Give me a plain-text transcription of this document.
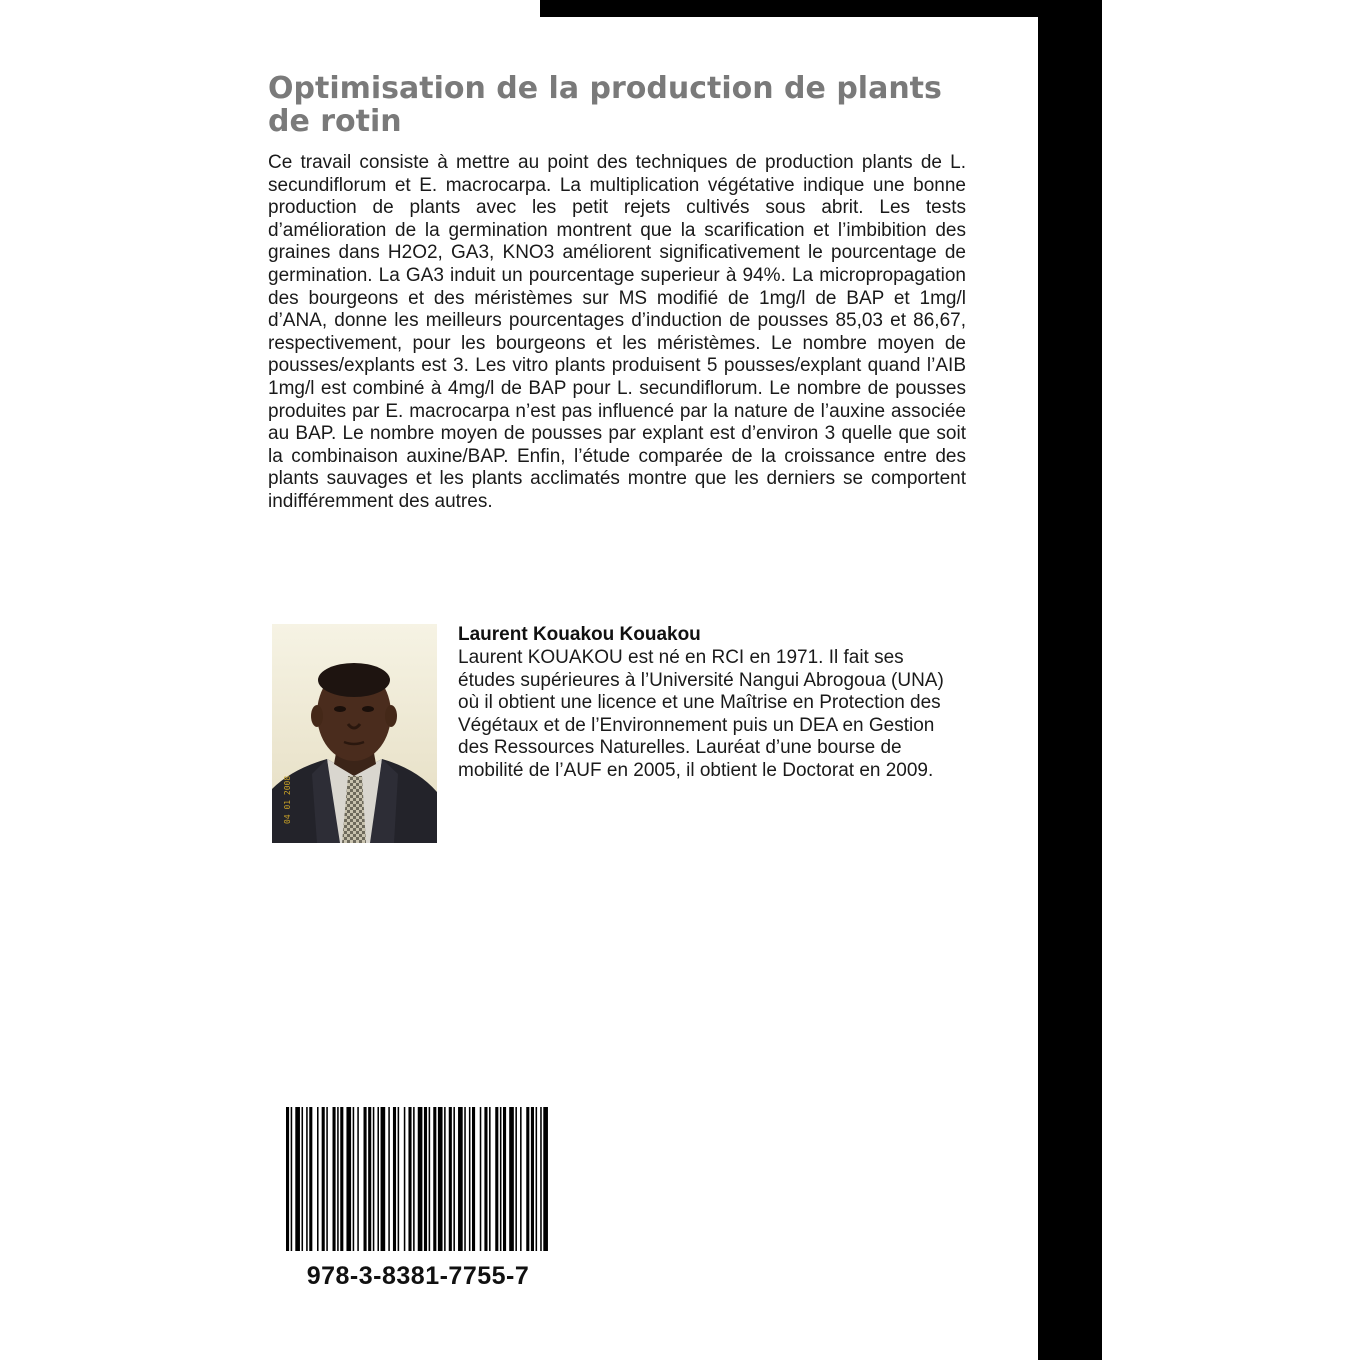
Optimisation de la production de plants de rotin

Ce travail consiste à mettre au point des techniques de production plants de L. secundiflorum et E. macrocarpa. La multiplication végétative indique une bonne production de plants avec les petit rejets cultivés sous abrit. Les tests d’amélioration de la germination montrent que la scarification et l’imbibition des graines dans H2O2, GA3, KNO3 améliorent significativement le pourcentage de germination. La GA3 induit un pourcentage superieur à 94%. La micropropagation des bourgeons et des méristèmes sur MS modifié de 1mg/l de BAP et 1mg/l d’ANA, donne les meilleurs pourcentages d’induction de pousses 85,03 et 86,67, respectivement, pour les bourgeons et les méristèmes. Le nombre moyen de pousses/explants est 3. Les vitro plants produisent 5 pousses/explant quand l’AIB 1mg/l est combiné à 4mg/l de BAP pour L. secundiflorum. Le nombre de pousses produites par E. macrocarpa n’est pas influencé par la nature de l’auxine associée au BAP. Le nombre moyen de pousses par explant est d’environ 3 quelle que soit la combinaison auxine/BAP. Enfin, l’étude comparée de la croissance entre des plants sauvages et les plants acclimatés montre que les derniers se comportent indifféremment des autres.

04 01 2008
Laurent Kouakou Kouakou

Laurent KOUAKOU est né en RCI en 1971. Il fait ses études supérieures à l’Université Nangui Abrogoua (UNA) où il obtient une licence et une Maîtrise en Protection des Végétaux et de l’Environnement puis un DEA en Gestion des Ressources Naturelles. Lauréat d’une bourse de mobilité de l’AUF en 2005, il obtient le Doctorat en 2009.

978-3-8381-7755-7
